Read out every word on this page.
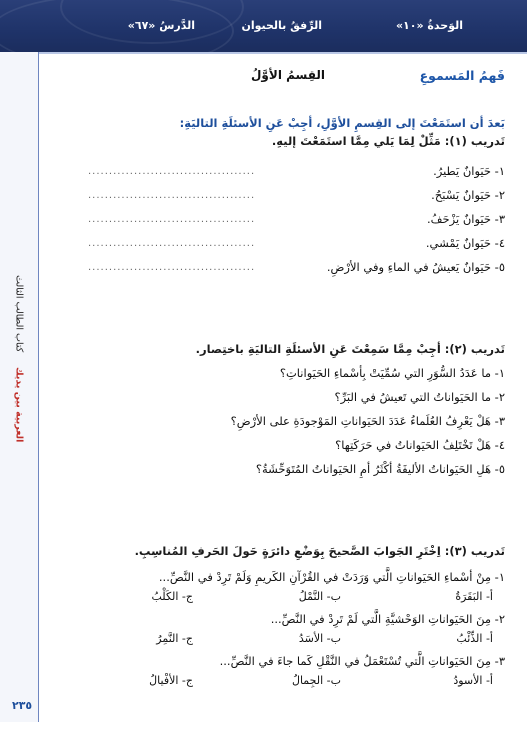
الوَحدةُ «١٠»
الرِّفقُ بالحيوان
الدَّرسُ «٦٧»
العربية بين يديك
كتاب الطالب الثالث
فَهمُ المَسموعِ
القِسمُ الأوَّلُ
بَعدَ أن استَمَعْتَ إلى القِسمِ الأوَّلِ، أجِبْ عَنِ الأسئلَةِ التاليَةِ:
تَدريب (١): مَثِّلْ لِمَا يَلي مِمَّا استَمَعْتَ إليهِ.
١- حَيَوانٌ يَطيرُ.
........................................
٢- حَيَوانٌ يَسْبَحُ.
........................................
٣- حَيَوانٌ يَزْحَفُ.
........................................
٤- حَيَوانٌ يَمْشي.
........................................
٥- حَيَوانٌ يَعيشُ في الماءِ وفي الأرْضِ.
........................................
تَدريب (٢): أجِبْ مِمَّا سَمِعْتَ عَنِ الأسئلَةِ التاليَةِ باختِصار.
١- ما عَدَدُ السُّوَرِ التي سُمِّيَتْ بِأسْماءِ الحَيَواناتِ؟
٢- ما الحَيَواناتُ التي تَعيشُ في البَرِّ؟
٣- هَلْ يَعْرِفُ العُلَماءُ عَدَدَ الحَيَواناتِ المَوْجودَةِ على الأرْضِ؟
٤- هَلْ تَخْتَلِفُ الحَيَواناتُ في حَرَكَتِها؟
٥- هَلِ الحَيَواناتُ الأليفَةُ أكْثَرُ أمِ الحَيَواناتُ المُتَوَحِّشَةُ؟
تَدريب (٣): اِخْتَرِ الجَوابَ الصَّحيحَ بِوَضْعِ دائرَةٍ حَولَ الحَرفِ المُناسِبِ.
١- مِنْ أسْماءِ الحَيَواناتِ الَّتي وَرَدَتْ في القُرْآنِ الكَريمِ وَلَمْ تَرِدْ في النَّصِّ...
أ- البَقَرَةُ
ب- النَّمْلُ
ج- الكَلْبُ
٢- مِنَ الحَيَواناتِ الوَحْشيَّةِ الَّتي لَمْ تَرِدْ في النَّصِّ...
أ- الذِّئْبُ
ب- الأسَدُ
ج- النَّمِرُ
٣- مِنَ الحَيَواناتِ الَّتي تُسْتَعْمَلُ في النَّقْلِ كَما جاءَ في النَّصِّ...
أ- الأسودُ
ب- الجِمالُ
ج- الأفْيالُ
٢٣٥
